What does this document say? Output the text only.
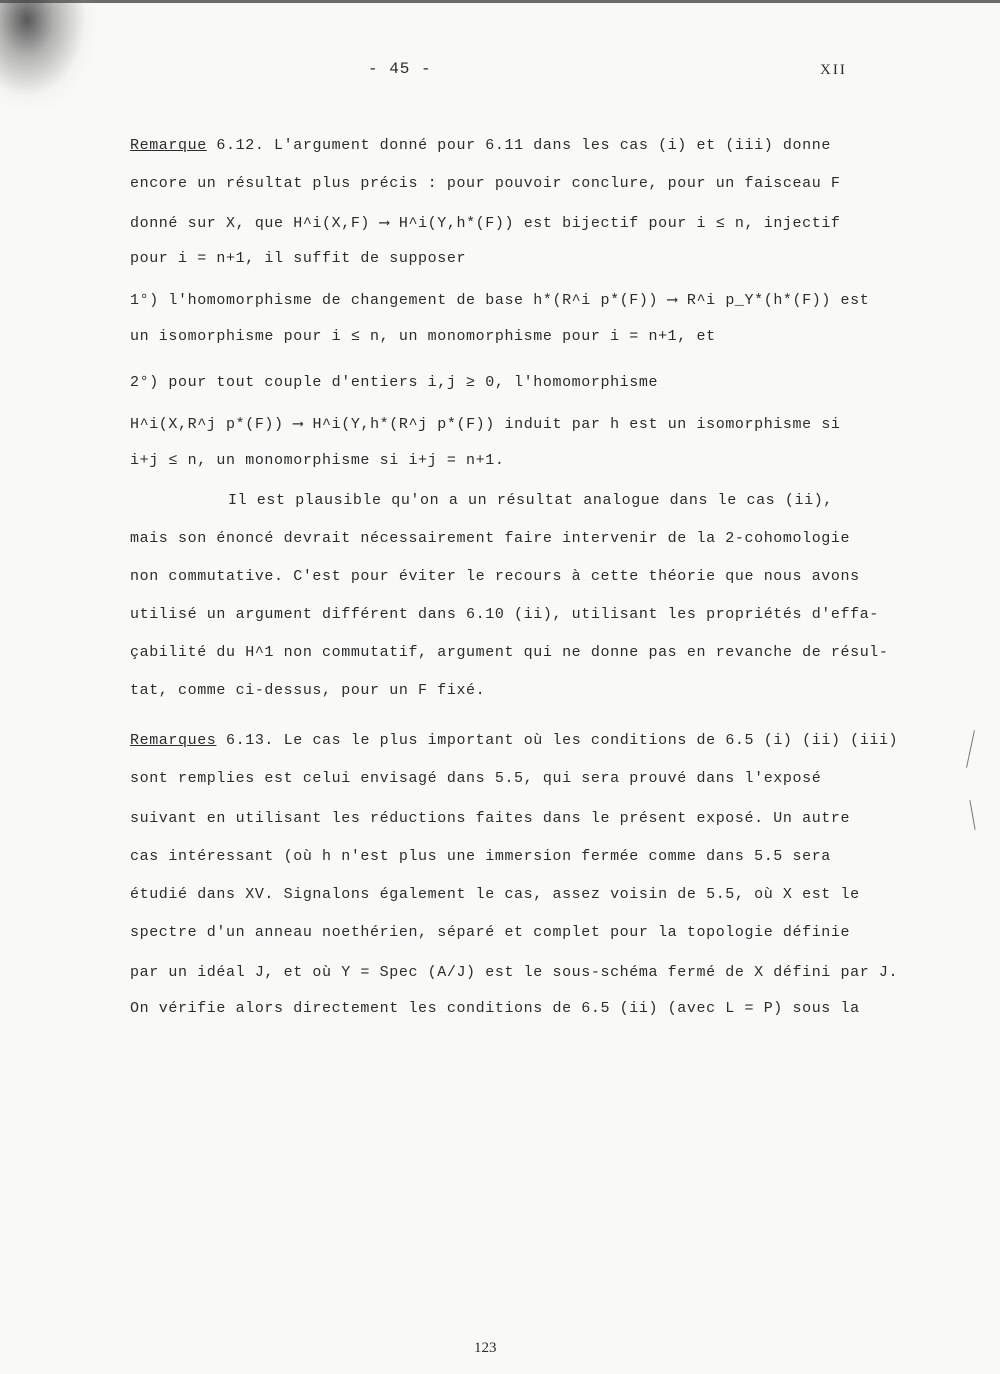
- 45 -	XII
Remarque 6.12. L'argument donné pour 6.11 dans les cas (i) et (iii) donne
encore un résultat plus précis : pour pouvoir conclure, pour un faisceau F
donné sur X, que H^i(X,F) ⟶ H^i(Y,h*(F)) est bijectif pour i ≤ n, injectif
pour i = n+1, il suffit de supposer
1°) l'homomorphisme de changement de base h*(R^i p*(F)) ⟶ R^i p_Y*(h*(F)) est
un isomorphisme pour i ≤ n, un monomorphisme pour i = n+1, et
2°) pour tout couple d'entiers i,j ≥ 0, l'homomorphisme
H^i(X,R^j p*(F)) ⟶ H^i(Y,h*(R^j p*(F)) induit par h est un isomorphisme si
i+j ≤ n, un monomorphisme si i+j = n+1.
Il est plausible qu'on a un résultat analogue dans le cas (ii),
mais son énoncé devrait nécessairement faire intervenir de la 2-cohomologie
non commutative. C'est pour éviter le recours à cette théorie que nous avons
utilisé un argument différent dans 6.10 (ii), utilisant les propriétés d'effa-
çabilité du H^1 non commutatif, argument qui ne donne pas en revanche de résul-
tat, comme ci-dessus, pour un F fixé.
Remarques 6.13. Le cas le plus important où les conditions de 6.5 (i) (ii) (iii)
sont remplies est celui envisagé dans 5.5, qui sera prouvé dans l'exposé
suivant en utilisant les réductions faites dans le présent exposé. Un autre
cas intéressant (où h n'est plus une immersion fermée comme dans 5.5 sera
étudié dans XV. Signalons également le cas, assez voisin de 5.5, où X est le
spectre d'un anneau noethérien, séparé et complet pour la topologie définie
par un idéal J, et où Y = Spec (A/J) est le sous-schéma fermé de X défini par J.
On vérifie alors directement les conditions de 6.5 (ii) (avec L = P) sous la
123
